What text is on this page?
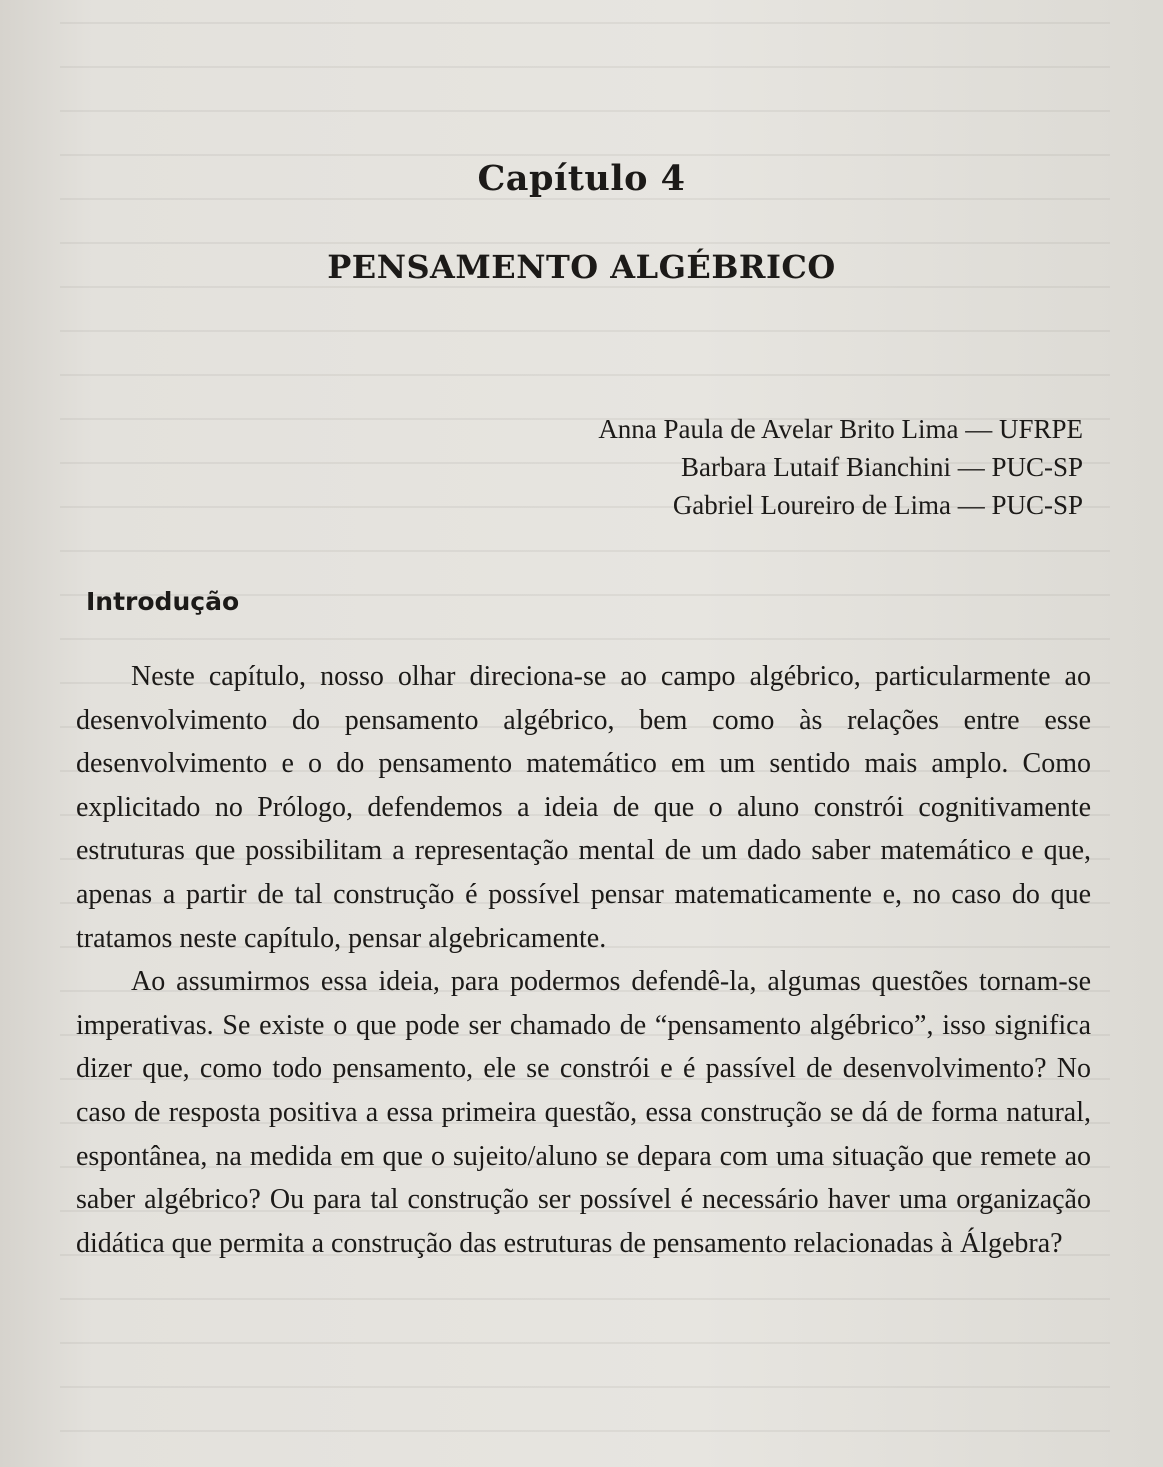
Capítulo 4
PENSAMENTO ALGÉBRICO
Anna Paula de Avelar Brito Lima — UFRPE
Barbara Lutaif Bianchini — PUC-SP
Gabriel Loureiro de Lima — PUC-SP
Introdução

Neste capítulo, nosso olhar direciona-se ao campo algébrico, particularmente ao desenvolvimento do pensamento algébrico, bem como às relações entre esse desenvolvimento e o do pensamento matemático em um sentido mais amplo. Como explicitado no Prólogo, defendemos a ideia de que o aluno constrói cognitivamente estruturas que possibilitam a representação mental de um dado saber matemático e que, apenas a partir de tal construção é possível pensar matematicamente e, no caso do que tratamos neste capítulo, pensar algebricamente.

Ao assumirmos essa ideia, para podermos defendê-la, algumas questões tornam-se imperativas. Se existe o que pode ser chamado de “pensamento algébrico”, isso significa dizer que, como todo pensamento, ele se constrói e é passível de desenvolvimento? No caso de resposta positiva a essa primeira questão, essa construção se dá de forma natural, espontânea, na medida em que o sujeito/aluno se depara com uma situação que remete ao saber algébrico? Ou para tal construção ser possível é necessário haver uma organização didática que permita a construção das estruturas de pensamento relacionadas à Álgebra?
